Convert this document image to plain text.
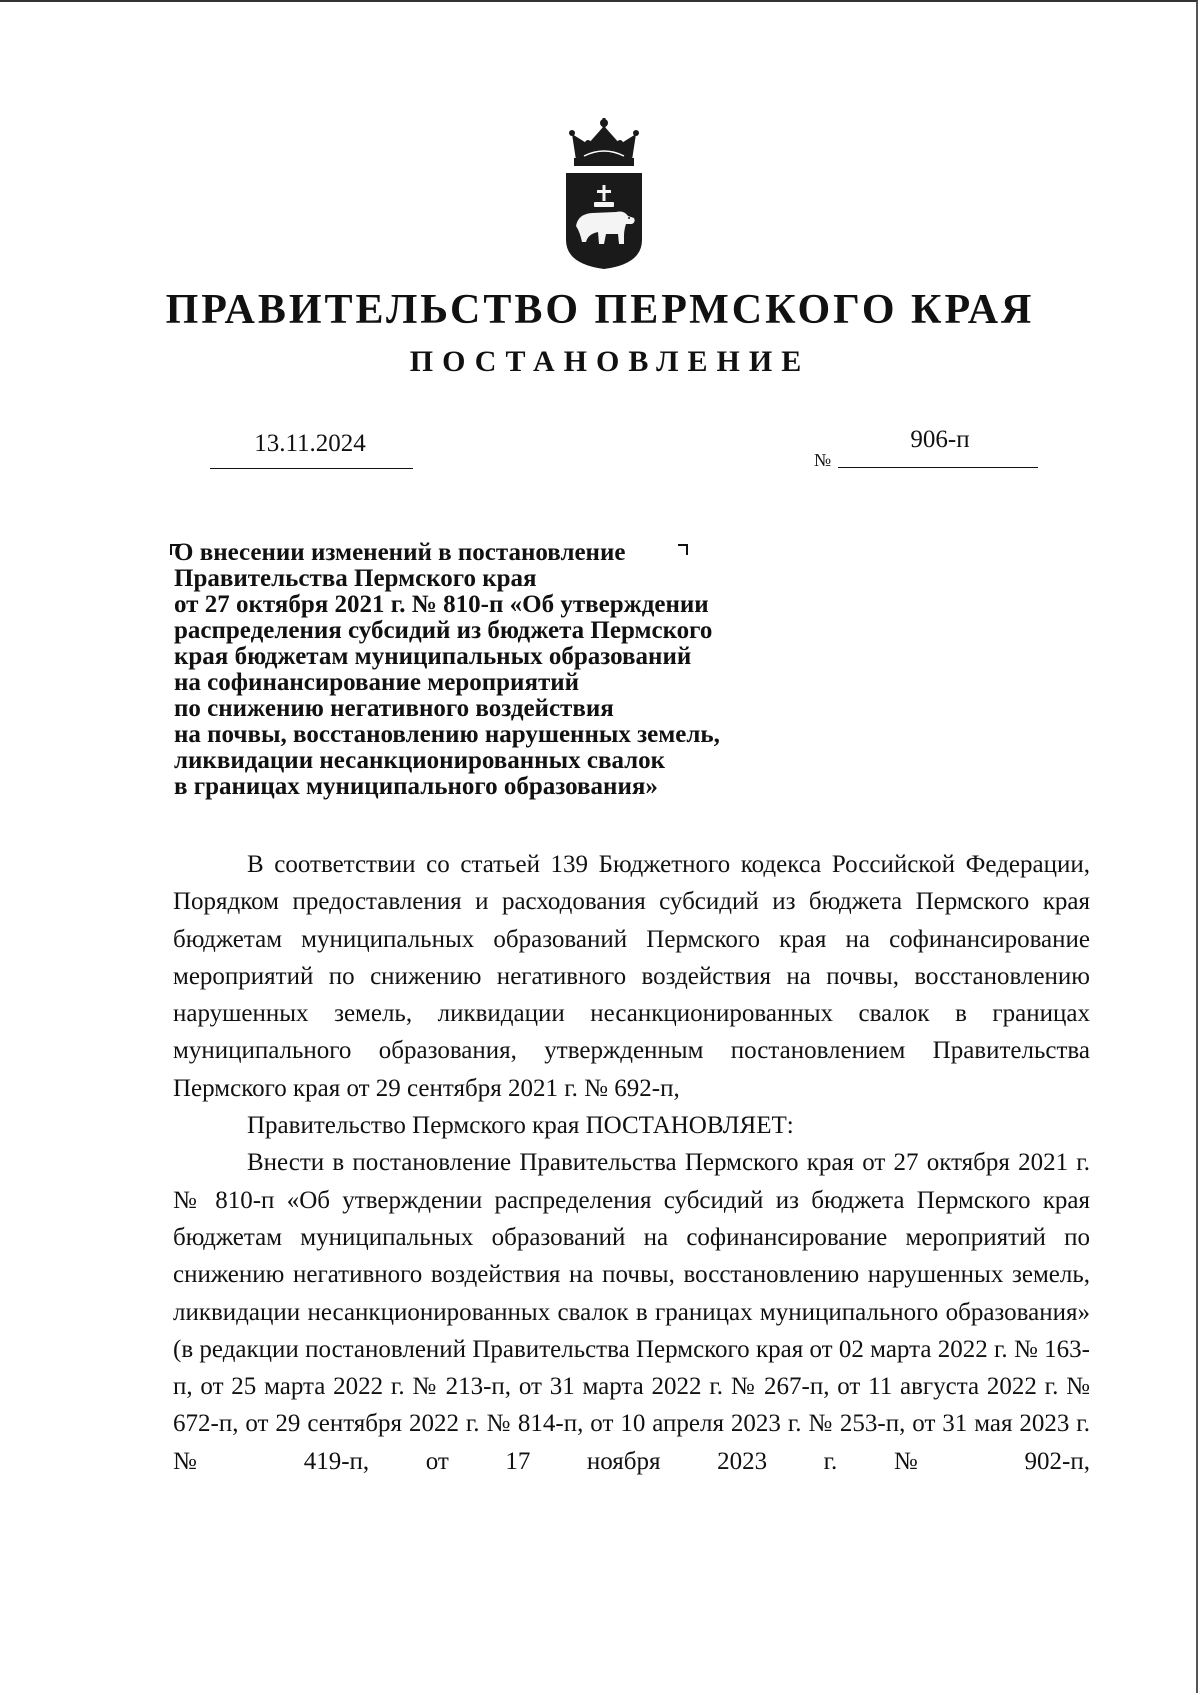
ПРАВИТЕЛЬСТВО ПЕРМСКОГО КРАЯ
ПОСТАНОВЛЕНИЕ
13.11.2024
№
906-п
О внесении изменений в постановление
Правительства Пермского края
от 27 октября 2021 г. № 810-п «Об утверждении
распределения субсидий из бюджета Пермского
края бюджетам муниципальных образований
на софинансирование мероприятий
по снижению негативного воздействия
на почвы, восстановлению нарушенных земель,
ликвидации несанкционированных свалок
в границах муниципального образования»

В соответствии со статьей 139 Бюджетного кодекса Российской Федерации, Порядком предоставления и расходования субсидий из бюджета Пермского края бюджетам муниципальных образований Пермского края на софинансирование мероприятий по снижению негативного воздействия на почвы, восстановлению нарушенных земель, ликвидации несанкционированных свалок в границах муниципального образования, утвержденным постановлением Правительства Пермского края от 29 сентября 2021 г. № 692-п,

Правительство Пермского края ПОСТАНОВЛЯЕТ:

Внести в постановление Правительства Пермского края от 27 октября 2021 г. № 810-п «Об утверждении распределения субсидий из бюджета Пермского края бюджетам муниципальных образований на софинансирование мероприятий по снижению негативного воздействия на почвы, восстановлению нарушенных земель, ликвидации несанкционированных свалок в границах муниципального образования» (в редакции постановлений Правительства Пермского края от 02 марта 2022 г. № 163-п, от 25 марта 2022 г. № 213-п, от 31 марта 2022 г. № 267-п, от 11 августа 2022 г. № 672-п, от 29 сентября 2022 г. № 814-п, от 10 апреля 2023 г. № 253-п, от 31 мая 2023 г. № 419-п, от 17 ноября 2023 г. № 902-п,
